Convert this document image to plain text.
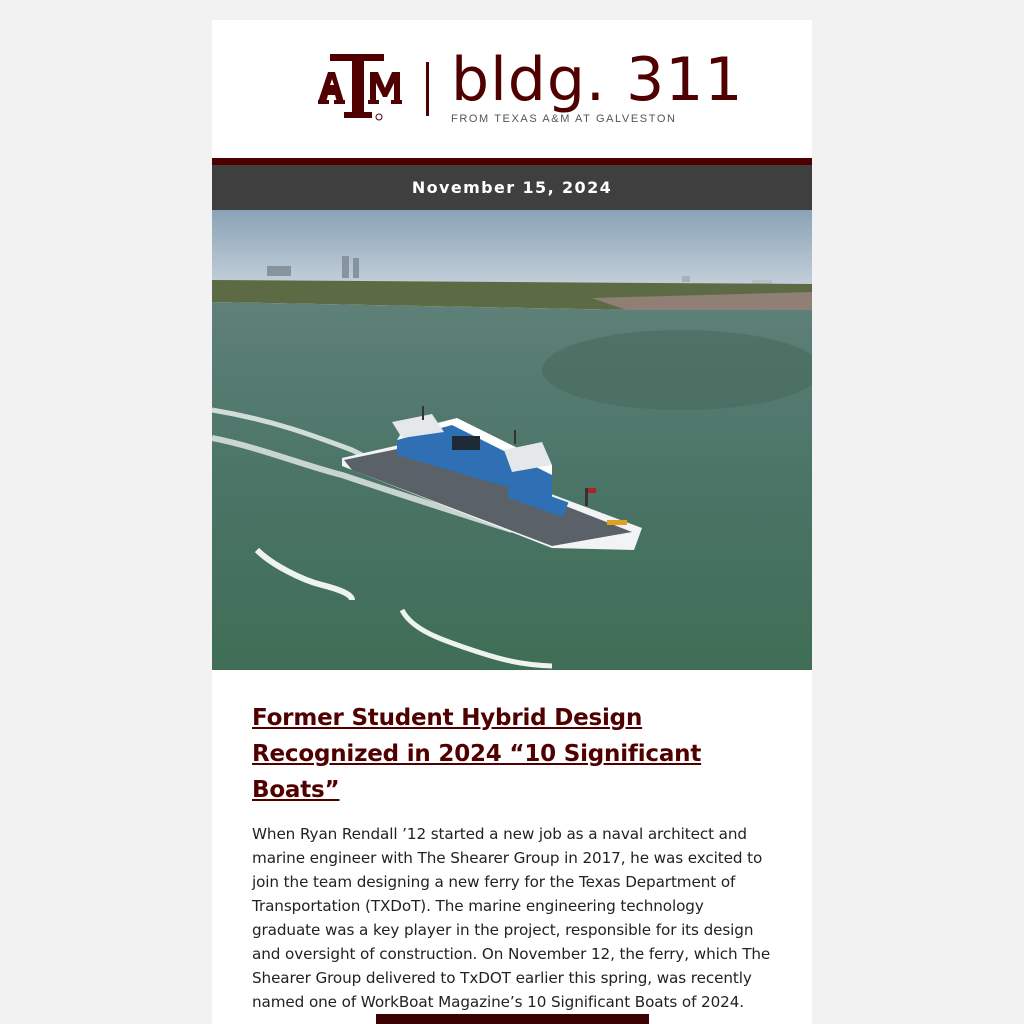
bldg. 311
FROM TEXAS A&M AT GALVESTON
November 15, 2024
Former Student Hybrid Design Recognized in 2024 “10 Significant Boats”

When Ryan Rendall ’12 started a new job as a naval architect and marine engineer with The Shearer Group in 2017, he was excited to join the team designing a new ferry for the Texas Department of Transportation (TXDoT). The marine engineering technology graduate was a key player in the project, responsible for its design and oversight of construction. On November 12, the ferry, which The Shearer Group delivered to TxDOT earlier this spring, was recently named one of WorkBoat Magazine’s 10 Significant Boats of 2024.
